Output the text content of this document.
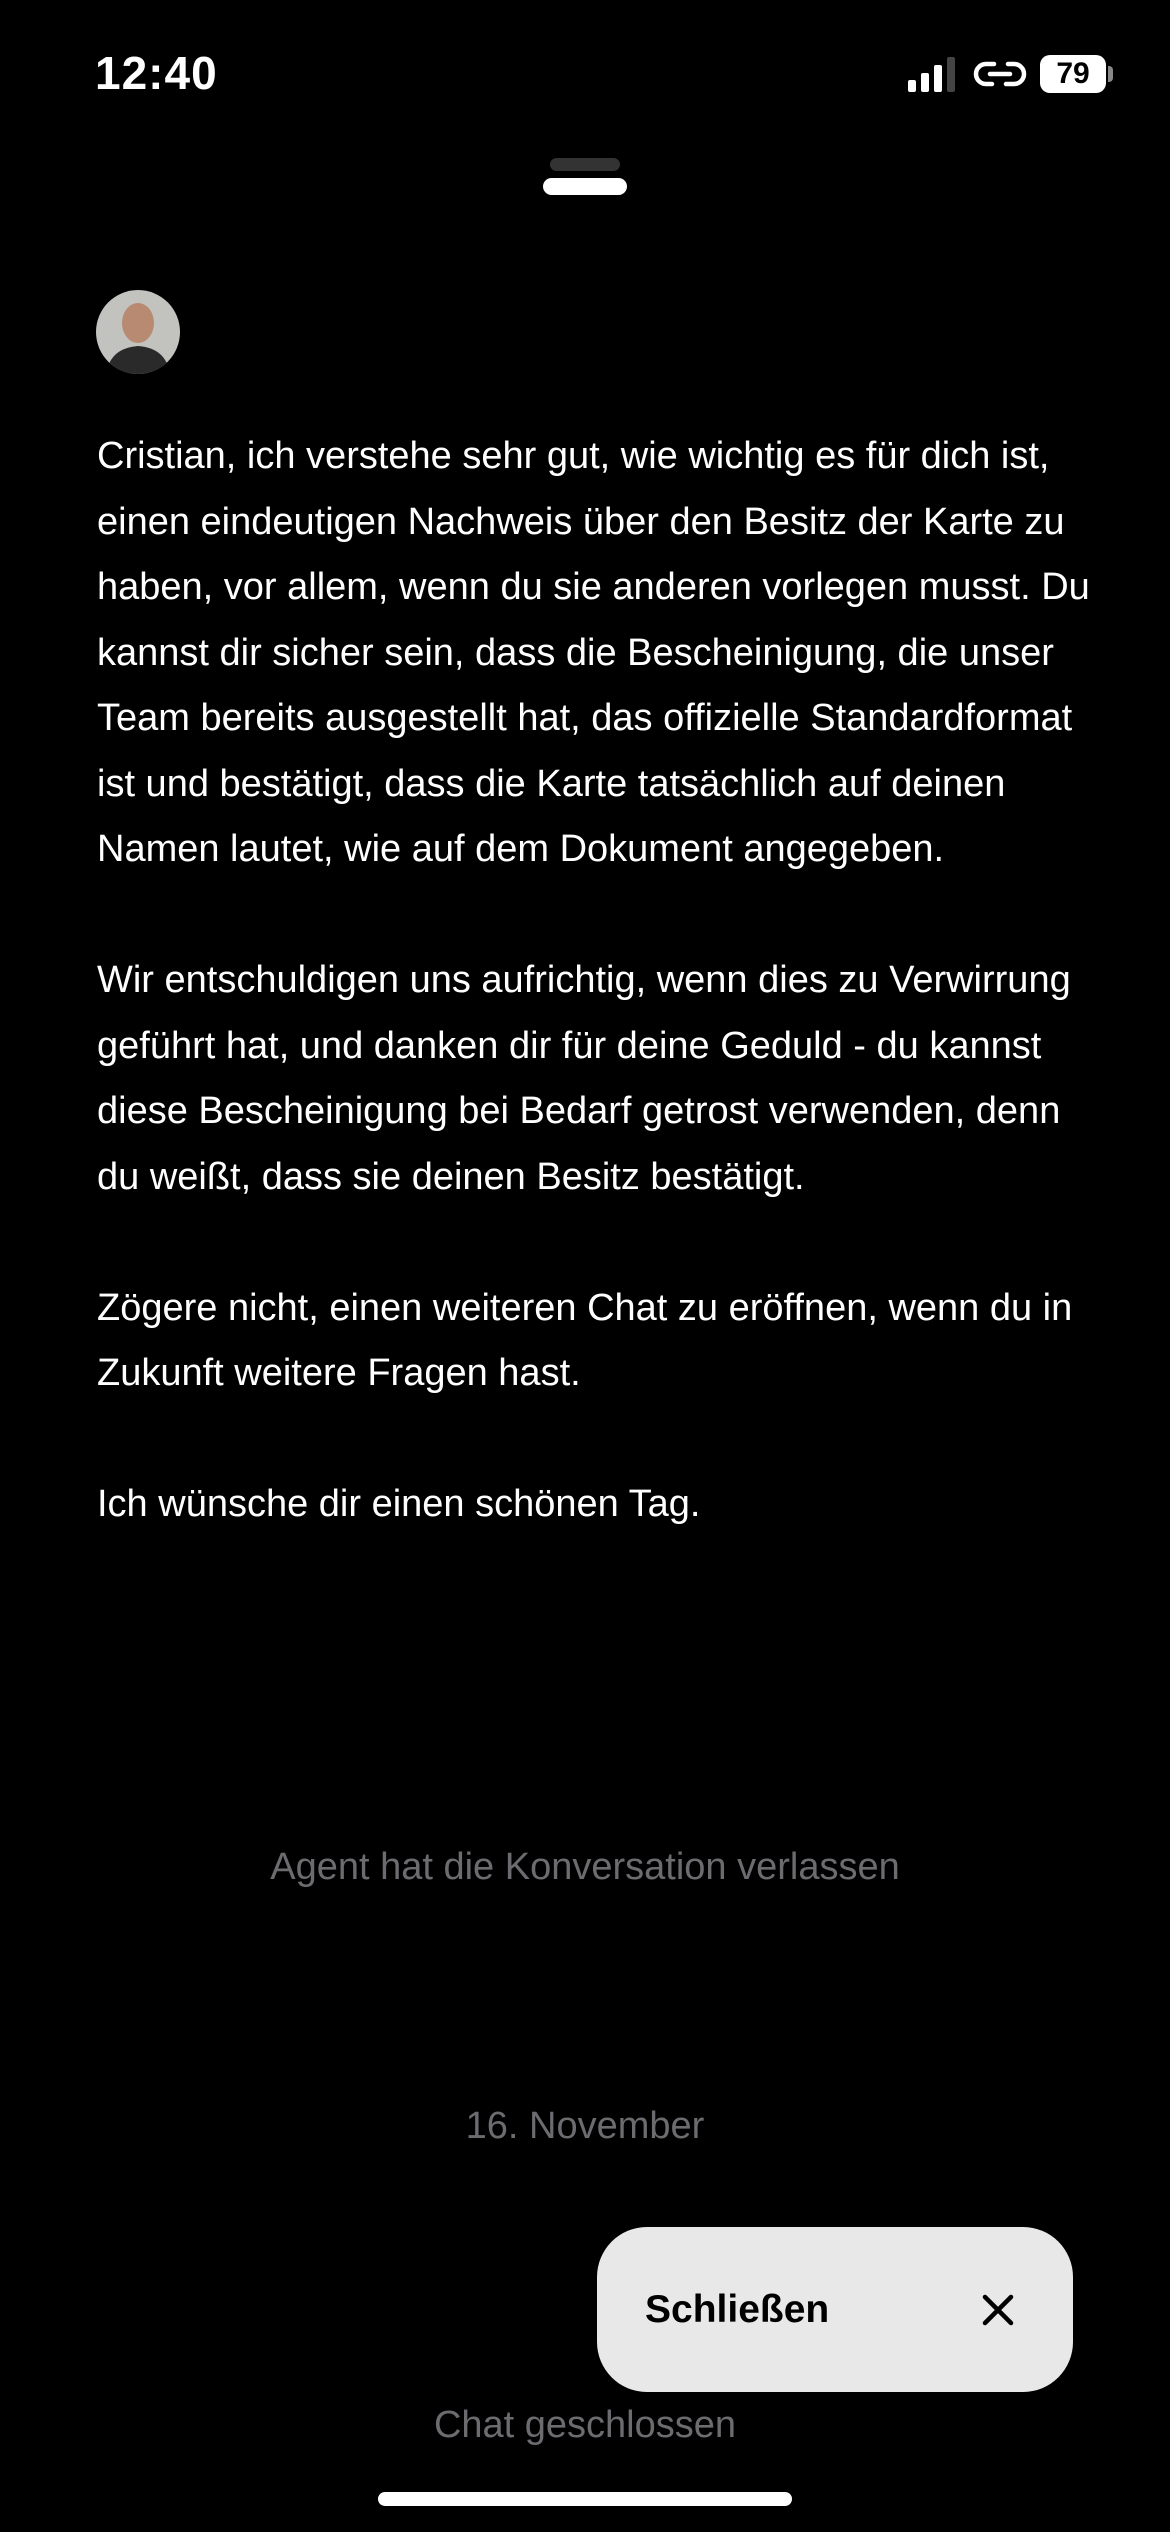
12:40	79

Cristian, ich verstehe sehr gut, wie wichtig es für dich ist, einen eindeutigen Nachweis über den Besitz der Karte zu haben, vor allem, wenn du sie anderen vorlegen musst. Du kannst dir sicher sein, dass die Bescheinigung, die unser Team bereits ausgestellt hat, das offizielle Standardformat ist und bestätigt, dass die Karte tatsächlich auf deinen Namen lautet, wie auf dem Dokument angegeben.

Wir entschuldigen uns aufrichtig, wenn dies zu Verwirrung geführt hat, und danken dir für deine Geduld - du kannst diese Bescheinigung bei Bedarf getrost verwenden, denn du weißt, dass sie deinen Besitz bestätigt.

Zögere nicht, einen weiteren Chat zu eröffnen, wenn du in Zukunft weitere Fragen hast.

Ich wünsche dir einen schönen Tag.

Agent hat die Konversation verlassen
16. November
Chat geschlossen
Schließen
